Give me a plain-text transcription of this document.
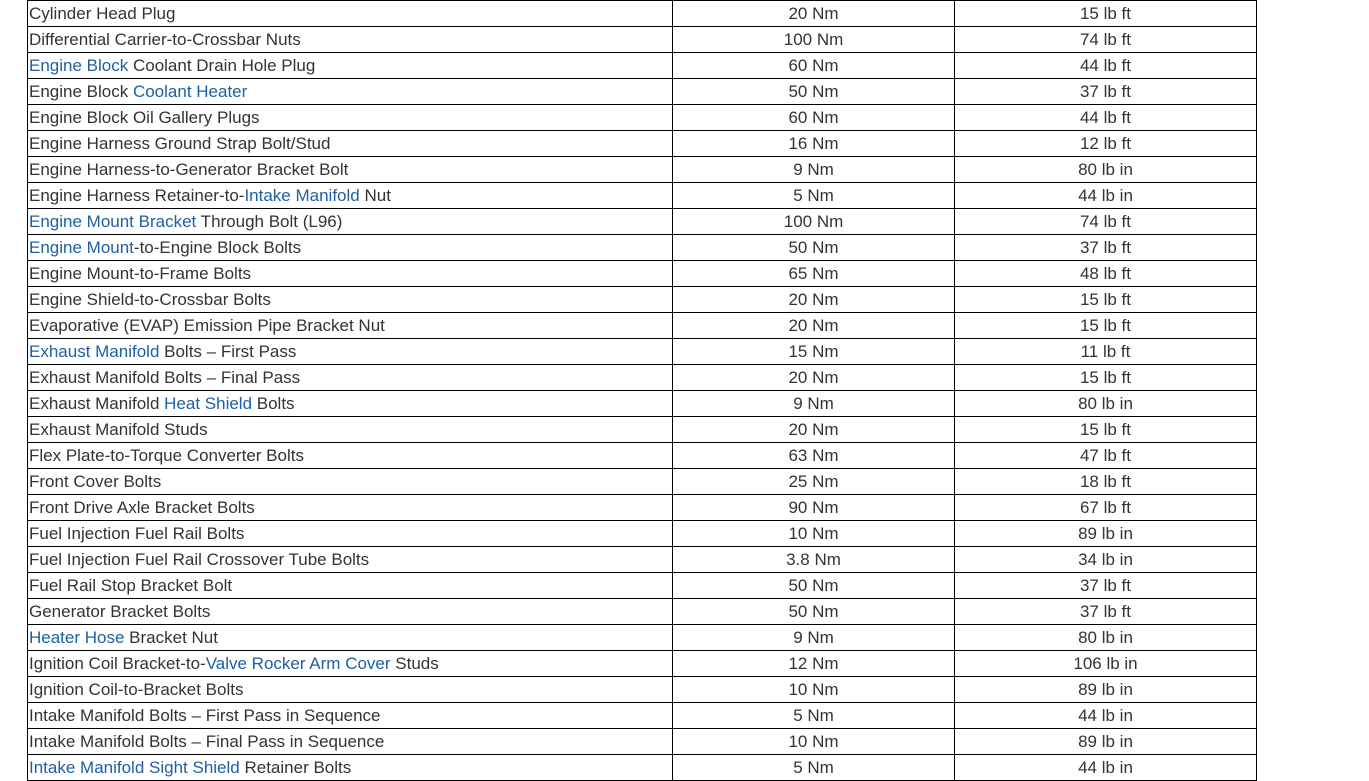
Cylinder Head Plug	20 Nm	15 lb ft
Differential Carrier-to-Crossbar Nuts	100 Nm	74 lb ft
Engine Block Coolant Drain Hole Plug	60 Nm	44 lb ft
Engine Block Coolant Heater	50 Nm	37 lb ft
Engine Block Oil Gallery Plugs	60 Nm	44 lb ft
Engine Harness Ground Strap Bolt/Stud	16 Nm	12 lb ft
Engine Harness-to-Generator Bracket Bolt	9 Nm	80 lb in
Engine Harness Retainer-to-Intake Manifold Nut	5 Nm	44 lb in
Engine Mount Bracket Through Bolt (L96)	100 Nm	74 lb ft
Engine Mount-to-Engine Block Bolts	50 Nm	37 lb ft
Engine Mount-to-Frame Bolts	65 Nm	48 lb ft
Engine Shield-to-Crossbar Bolts	20 Nm	15 lb ft
Evaporative (EVAP) Emission Pipe Bracket Nut	20 Nm	15 lb ft
Exhaust Manifold Bolts – First Pass	15 Nm	11 lb ft
Exhaust Manifold Bolts – Final Pass	20 Nm	15 lb ft
Exhaust Manifold Heat Shield Bolts	9 Nm	80 lb in
Exhaust Manifold Studs	20 Nm	15 lb ft
Flex Plate-to-Torque Converter Bolts	63 Nm	47 lb ft
Front Cover Bolts	25 Nm	18 lb ft
Front Drive Axle Bracket Bolts	90 Nm	67 lb ft
Fuel Injection Fuel Rail Bolts	10 Nm	89 lb in
Fuel Injection Fuel Rail Crossover Tube Bolts	3.8 Nm	34 lb in
Fuel Rail Stop Bracket Bolt	50 Nm	37 lb ft
Generator Bracket Bolts	50 Nm	37 lb ft
Heater Hose Bracket Nut	9 Nm	80 lb in
Ignition Coil Bracket-to-Valve Rocker Arm Cover Studs	12 Nm	106 lb in
Ignition Coil-to-Bracket Bolts	10 Nm	89 lb in
Intake Manifold Bolts – First Pass in Sequence	5 Nm	44 lb in
Intake Manifold Bolts – Final Pass in Sequence	10 Nm	89 lb in
Intake Manifold Sight Shield Retainer Bolts	5 Nm	44 lb in
